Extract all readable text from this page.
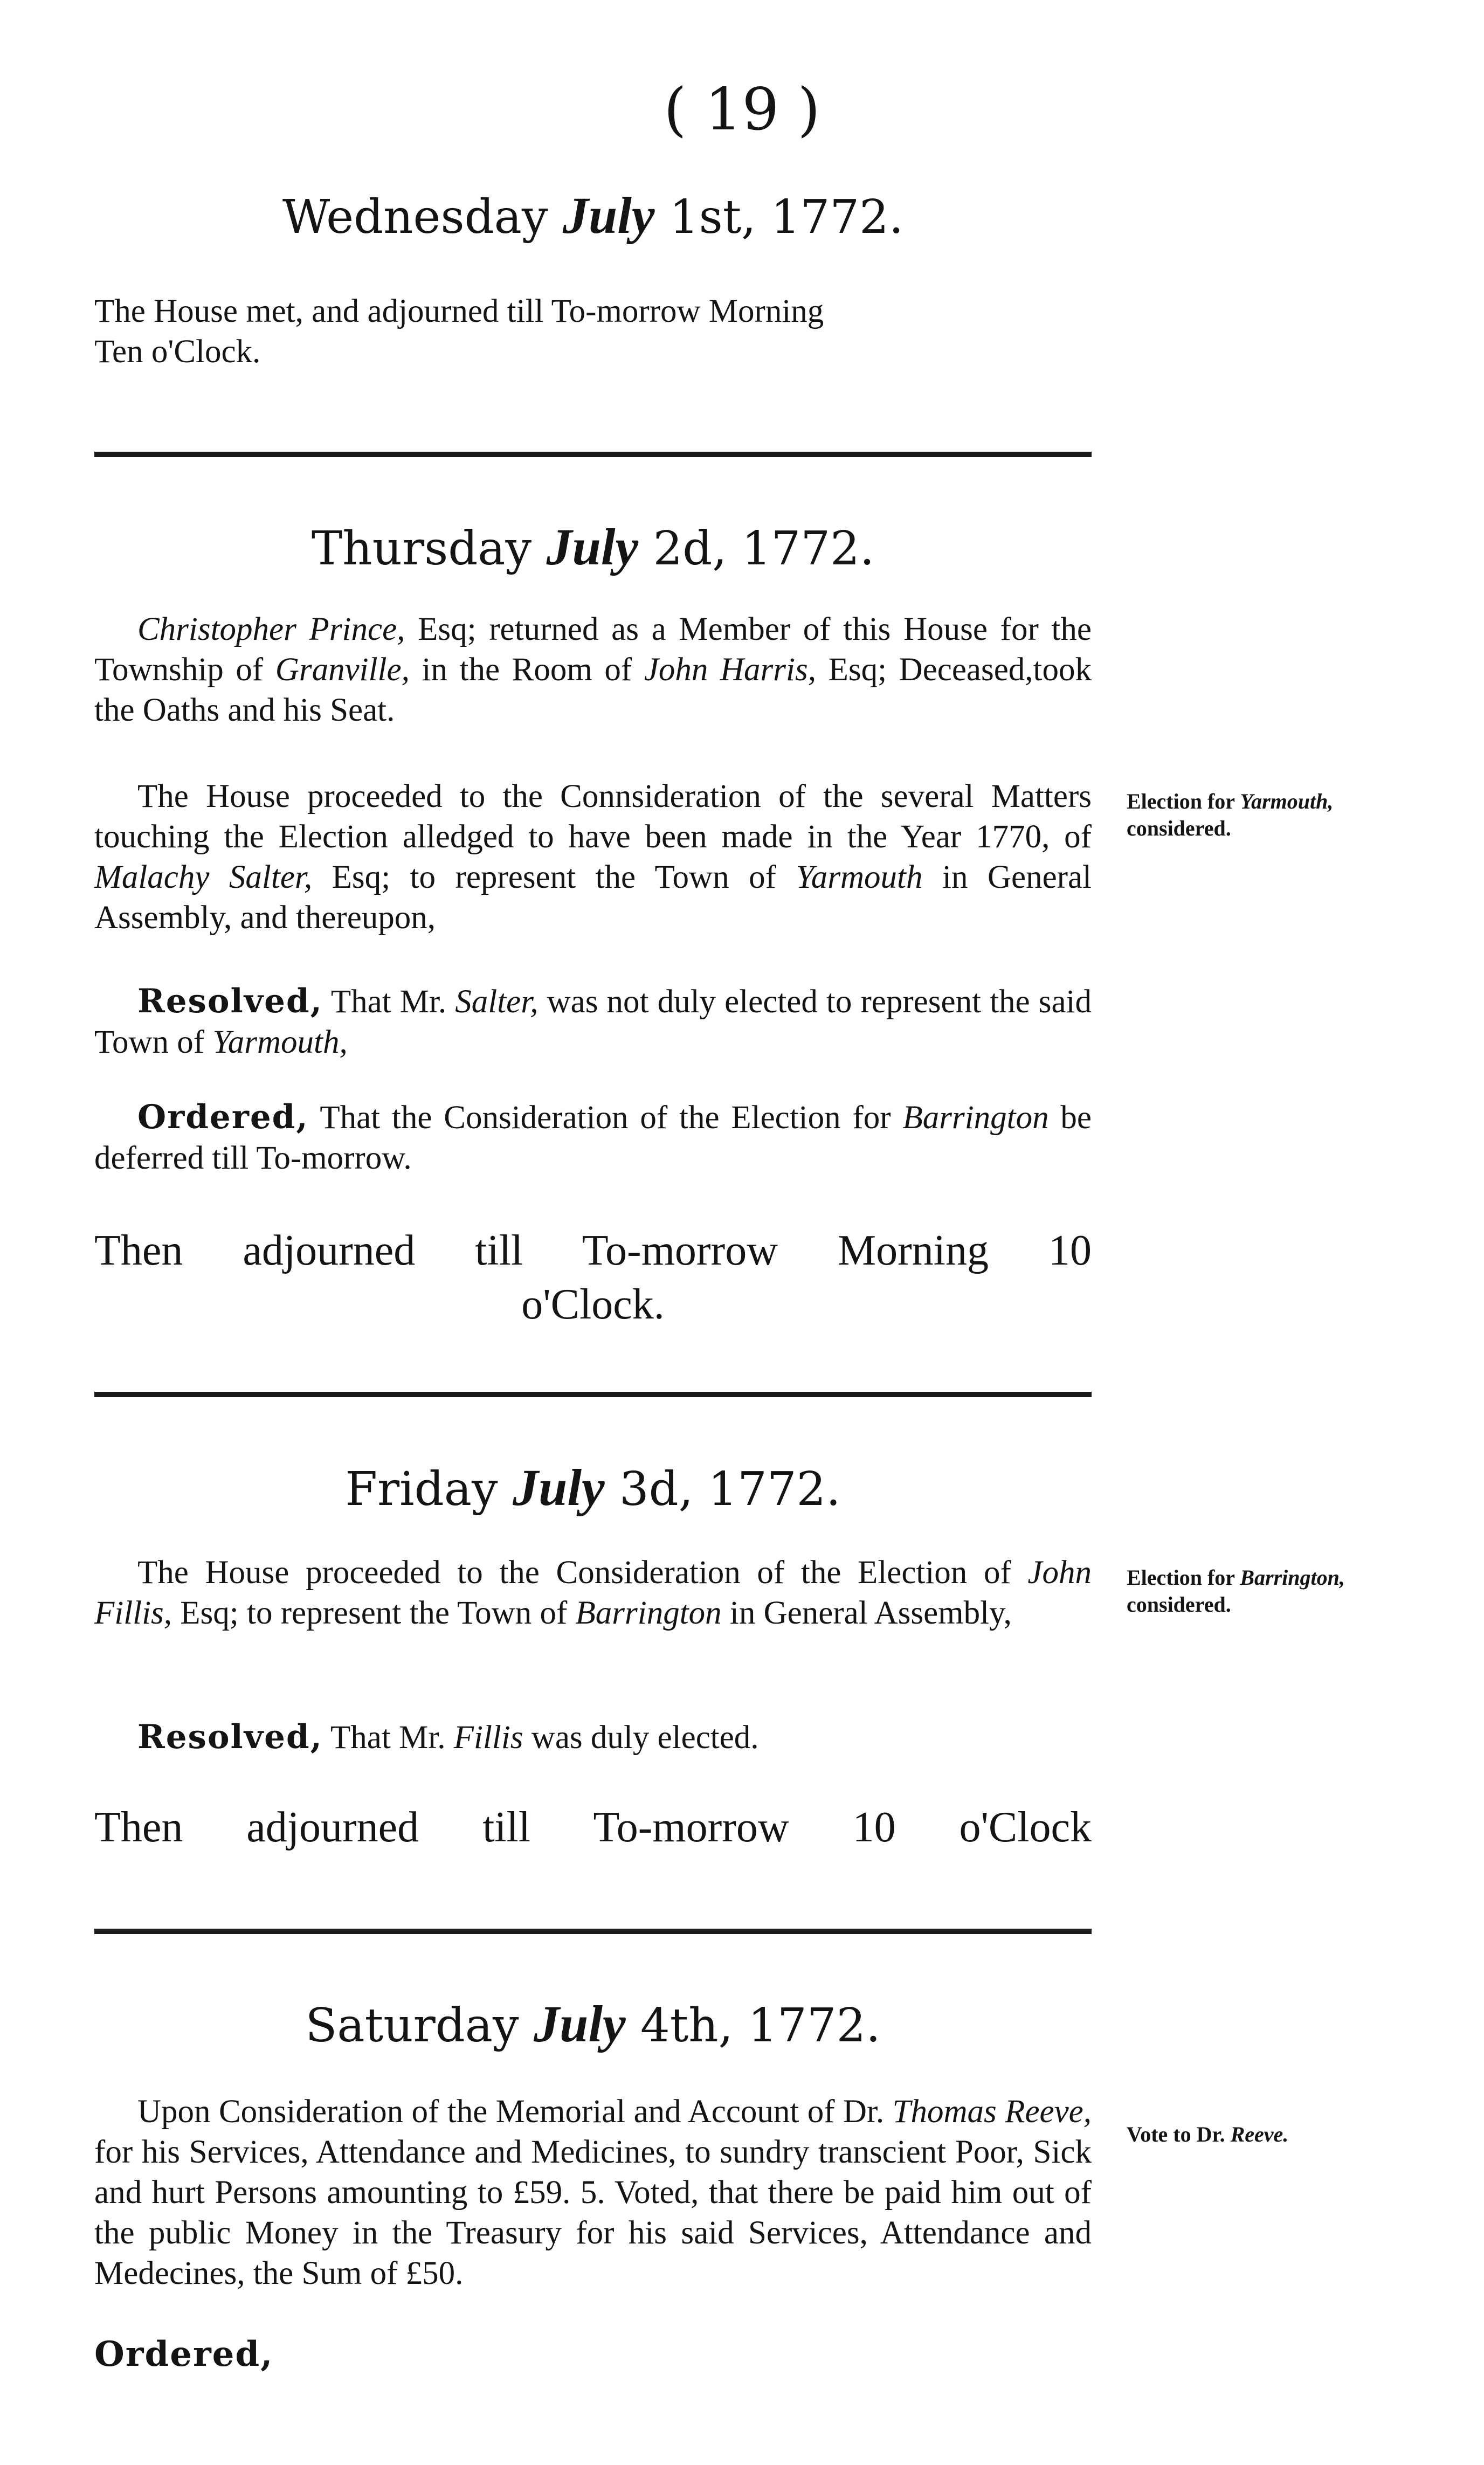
( 19 )
Wednesday July 1st, 1772.
The House met, and adjourned till To-morrow Morning
Ten o'Clock.
Thursday July 2d, 1772.
Christopher Prince, Esq; returned as a Member of this House for the Township of Granville, in the Room of John Harris, Esq; Deceased,took the Oaths and his Seat.
The House proceeded to the Connsideration of the several Matters touching the Election alledged to have been made in the Year 1770, of Malachy Salter, Esq; to represent the Town of Yarmouth in General Assembly, and thereupon,
Election for Yarmouth,
considered.
Resolved, That Mr. Salter, was not duly elected to represent the said Town of Yarmouth,
Ordered, That the Consideration of the Election for Barrington be deferred till To-morrow.
Then adjourned till To-morrow Morning 10
o'Clock.
Friday July 3d, 1772.
The House proceeded to the Consideration of the Election of John Fillis, Esq; to represent the Town of Barrington in General Assembly,
Election for Barrington,
considered.
Resolved, That Mr. Fillis was duly elected.
Then adjourned till To-morrow 10 o'Clock
Saturday July 4th, 1772.
Upon Consideration of the Memorial and Account of Dr. Thomas Reeve, for his Services, Attendance and Medicines, to sundry transcient Poor, Sick and hurt Persons amounting to £59. 5. Voted, that there be paid him out of the public Money in the Treasury for his said Services, Attendance and Medecines, the Sum of £50.
Vote to Dr. Reeve.
Ordered,
